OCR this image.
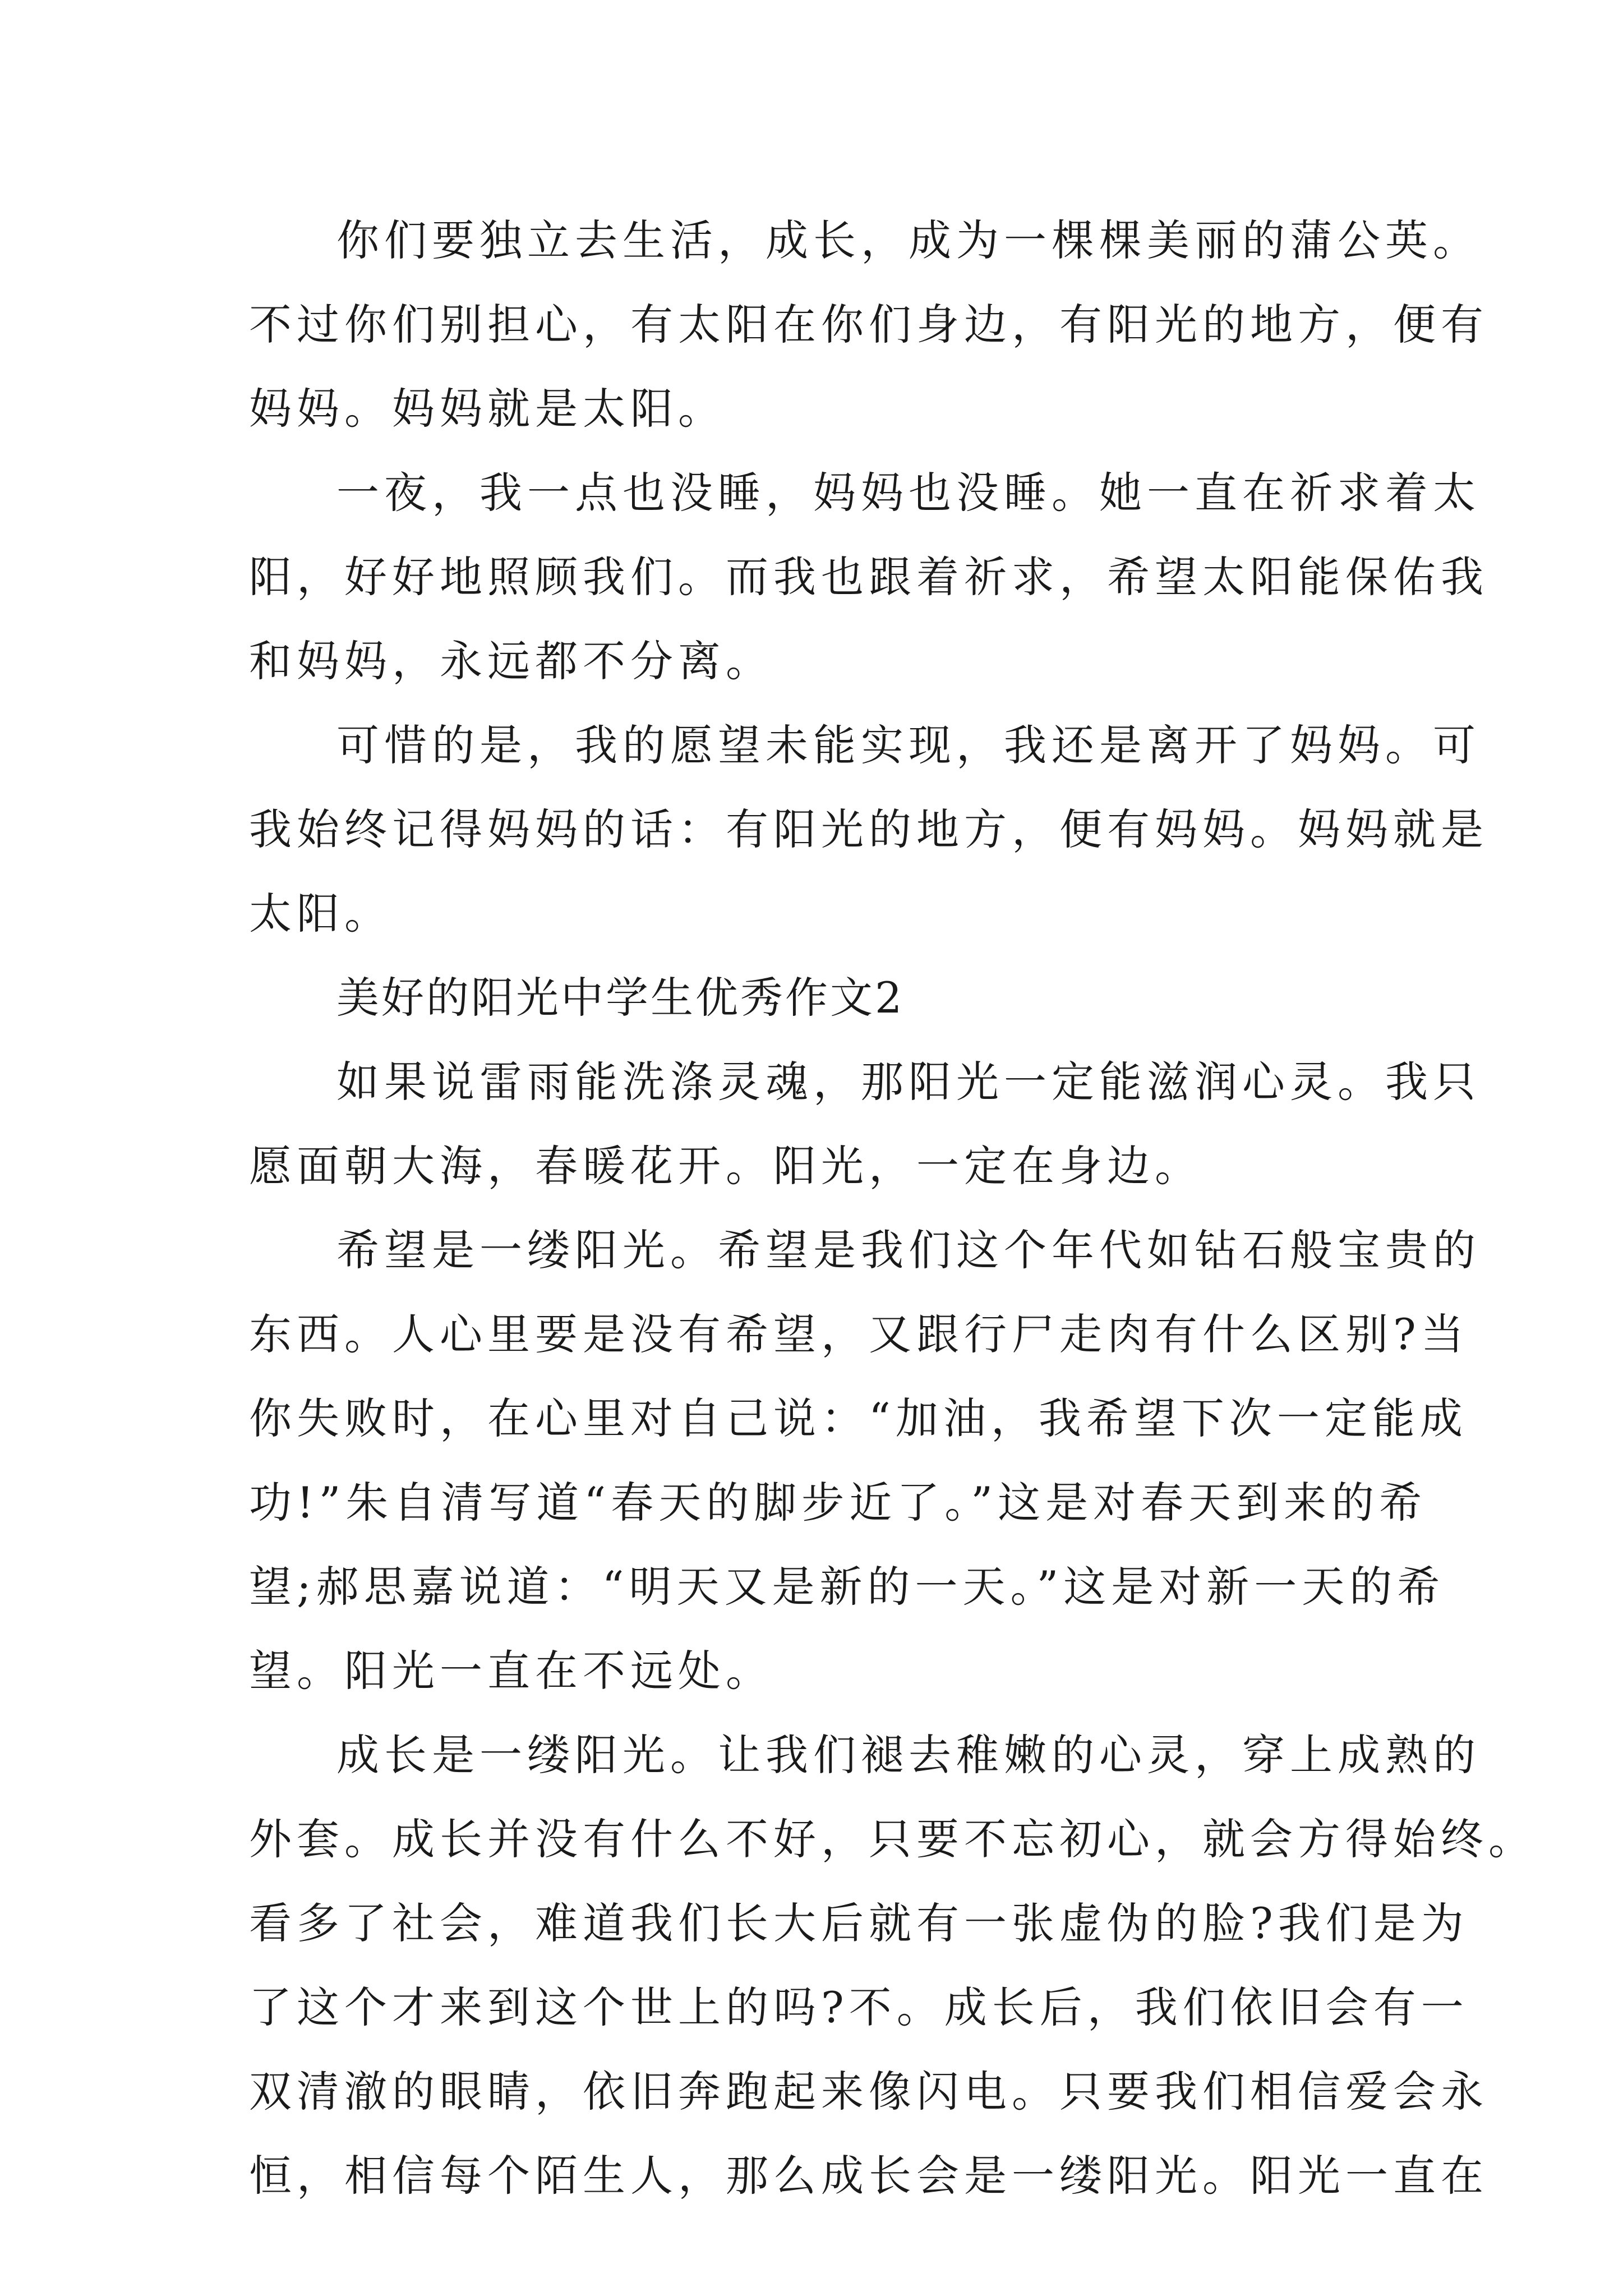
你们要独立去生活，成长，成为一棵棵美丽的蒲公英。
不过你们别担心，有太阳在你们身边，有阳光的地方，便有
妈妈。妈妈就是太阳。
一夜，我一点也没睡，妈妈也没睡。她一直在祈求着太
阳，好好地照顾我们。而我也跟着祈求，希望太阳能保佑我
和妈妈，永远都不分离。
可惜的是，我的愿望未能实现，我还是离开了妈妈。可
我始终记得妈妈的话：有阳光的地方，便有妈妈。妈妈就是
太阳。
美好的阳光中学生优秀作文2
如果说雷雨能洗涤灵魂，那阳光一定能滋润心灵。我只
愿面朝大海，春暖花开。阳光，一定在身边。
希望是一缕阳光。希望是我们这个年代如钻石般宝贵的
东西。人心里要是没有希望，又跟行尸走肉有什么区别?当
你失败时，在心里对自己说：“加油，我希望下次一定能成
功!”朱自清写道“春天的脚步近了。”这是对春天到来的希
望;郝思嘉说道：“明天又是新的一天。”这是对新一天的希
望。阳光一直在不远处。
成长是一缕阳光。让我们褪去稚嫩的心灵，穿上成熟的
外套。成长并没有什么不好，只要不忘初心，就会方得始终。
看多了社会，难道我们长大后就有一张虚伪的脸?我们是为
了这个才来到这个世上的吗?不。成长后，我们依旧会有一
双清澈的眼睛，依旧奔跑起来像闪电。只要我们相信爱会永
恒，相信每个陌生人，那么成长会是一缕阳光。阳光一直在
